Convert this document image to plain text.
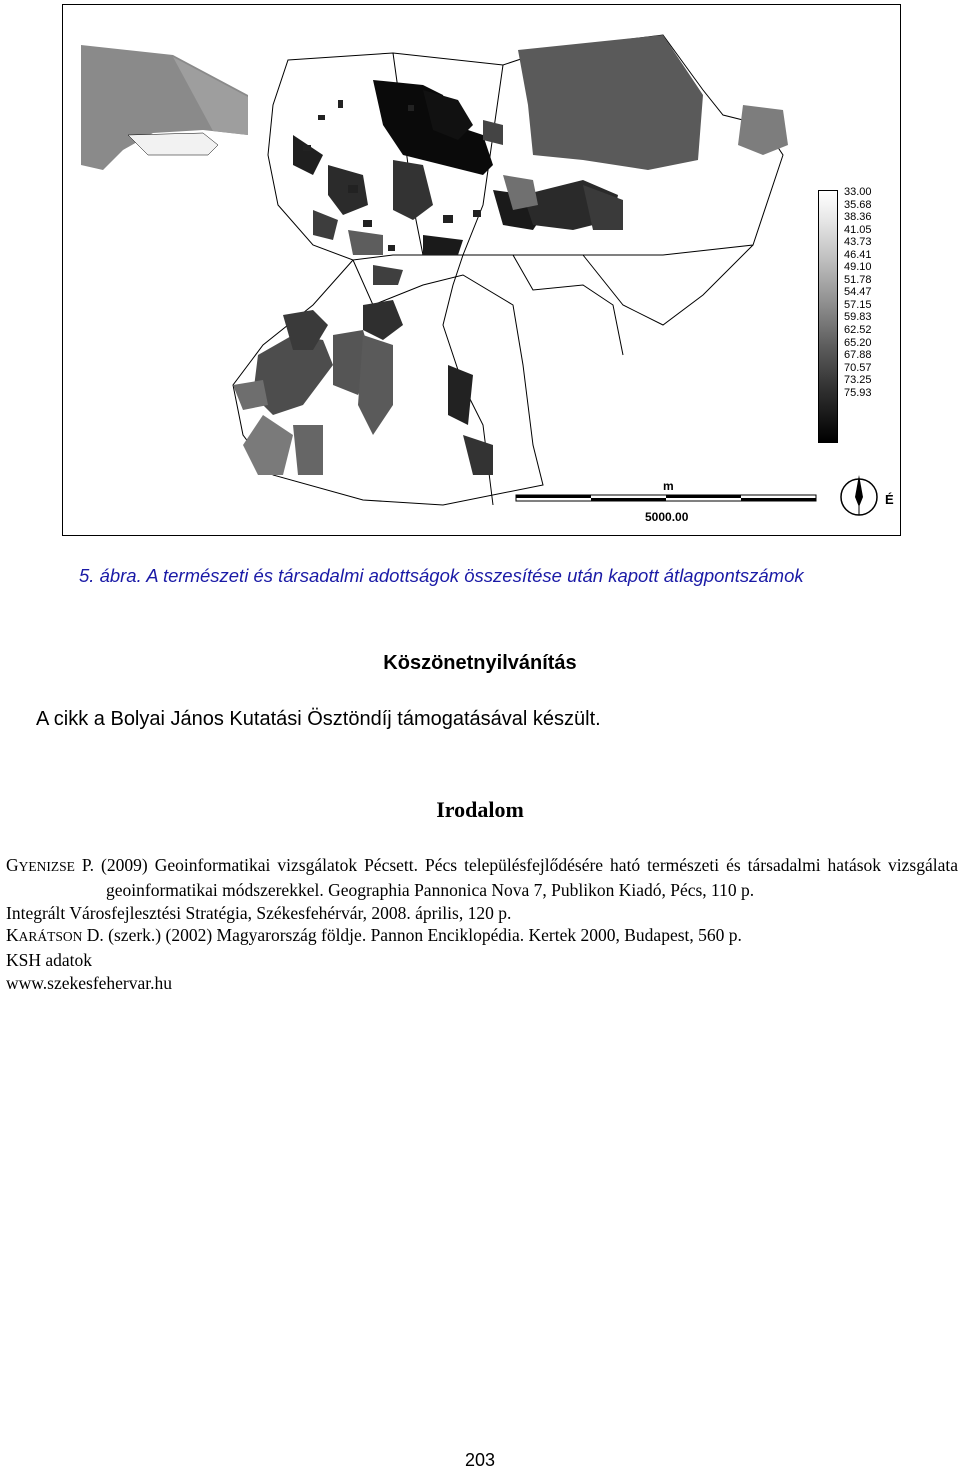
33.00
35.68
38.36
41.05
43.73
46.41
49.10
51.78
54.47
57.15
59.83
62.52
65.20
67.88
70.57
73.25
75.93
m
5000.00
É
5. ábra. A természeti és társadalmi adottságok összesítése után kapott átlagpontszámok
Köszönetnyilvánítás
A cikk a Bolyai János Kutatási Ösztöndíj támogatásával készült.
Irodalom

GYENIZSE P. (2009) Geoinformatikai vizsgálatok Pécsett. Pécs településfejlődésére ható természeti és társadalmi hatások vizsgálata geoinformatikai módszerekkel. Geographia Pannonica Nova 7, Publikon Kiadó, Pécs, 110 p.

Integrált Városfejlesztési Stratégia, Székesfehérvár, 2008. április, 120 p.

KARÁTSON D. (szerk.) (2002) Magyarország földje. Pannon Enciklopédia. Kertek 2000, Budapest, 560 p.

KSH adatok

www.szekesfehervar.hu

203
